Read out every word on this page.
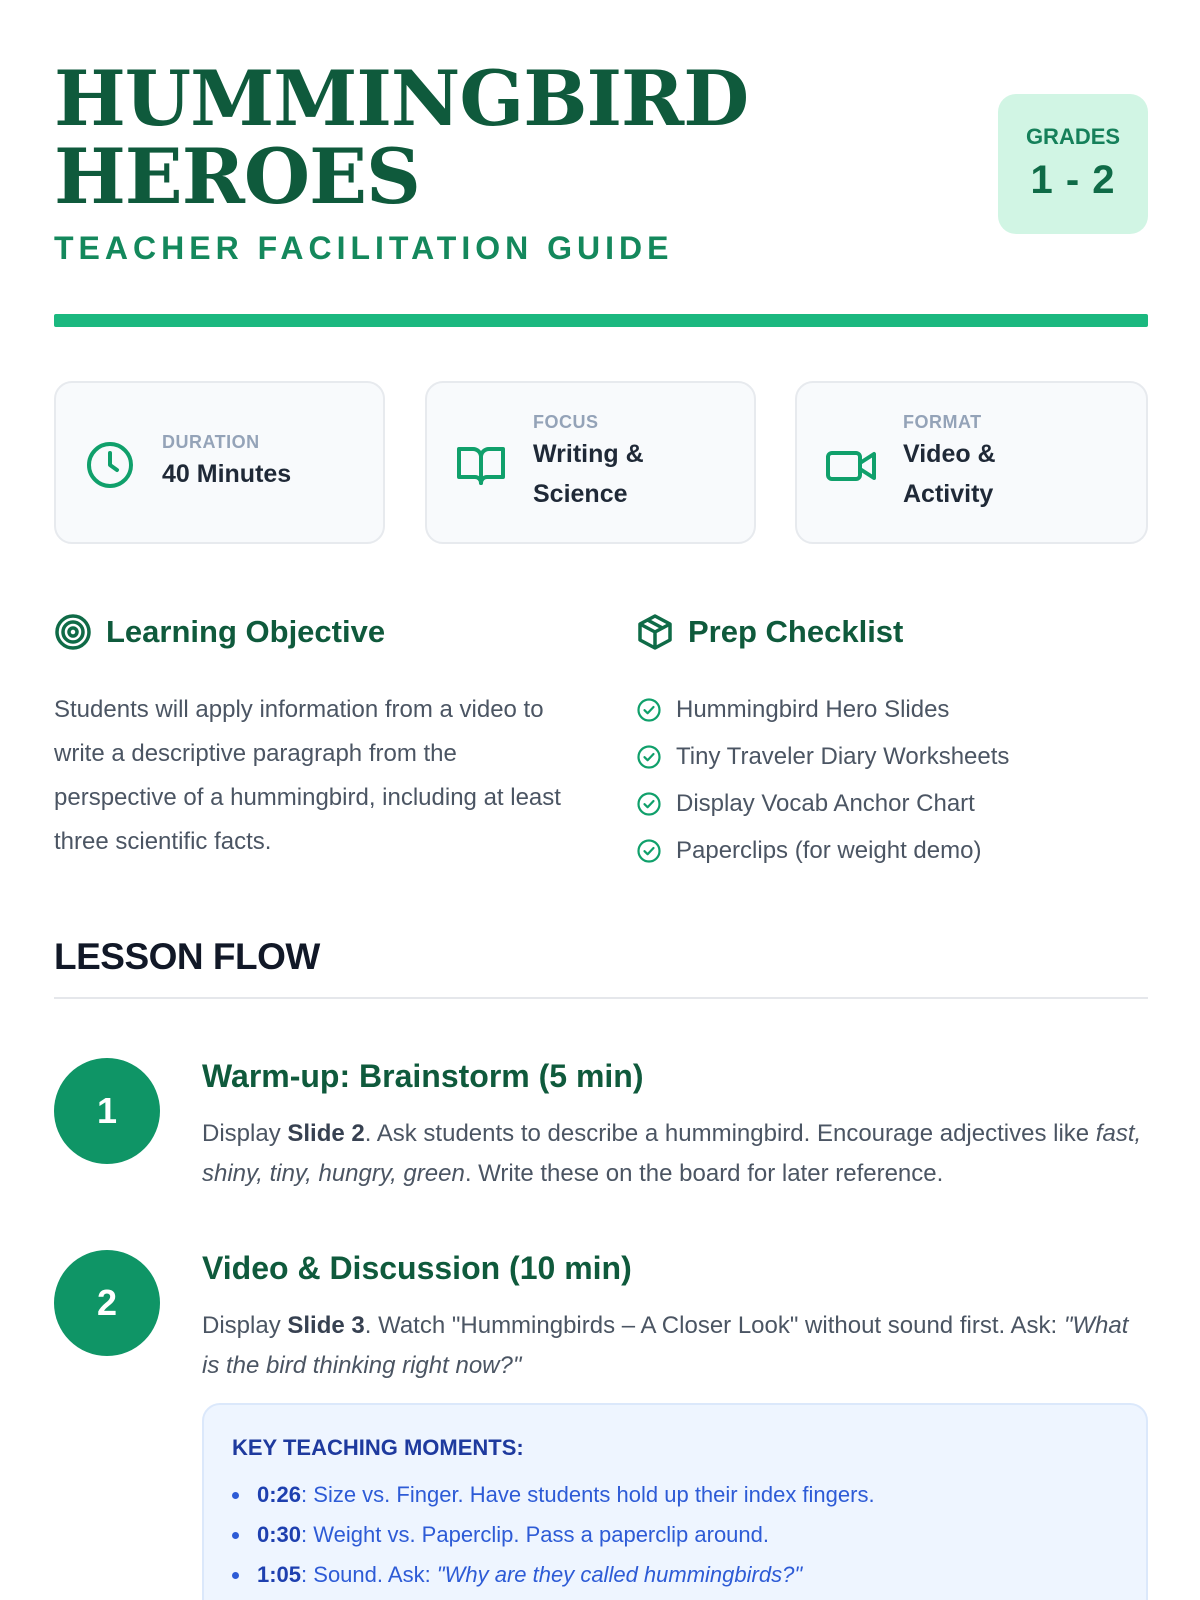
HUMMINGBIRD
HEROES
TEACHER FACILITATION GUIDE
GRADES
1 - 2
DURATION
40 Minutes
FOCUS
Writing &
Science
FORMAT
Video &
Activity
Learning Objective

Students will apply information from a video to write a descriptive paragraph from the perspective of a hummingbird, including at least three scientific facts.

Prep Checklist
Hummingbird Hero Slides
Tiny Traveler Diary Worksheets
Display Vocab Anchor Chart
Paperclips (for weight demo)
LESSON FLOW
1
Warm-up: Brainstorm (5 min)

Display Slide 2. Ask students to describe a hummingbird. Encourage adjectives like fast, shiny, tiny, hungry, green. Write these on the board for later reference.

2
Video & Discussion (10 min)

Display Slide 3. Watch "Hummingbirds – A Closer Look" without sound first. Ask: "What is the bird thinking right now?"

KEY TEACHING MOMENTS:
0:26: Size vs. Finger. Have students hold up their index fingers.
0:30: Weight vs. Paperclip. Pass a paperclip around.
1:05: Sound. Ask: "Why are they called hummingbirds?"
